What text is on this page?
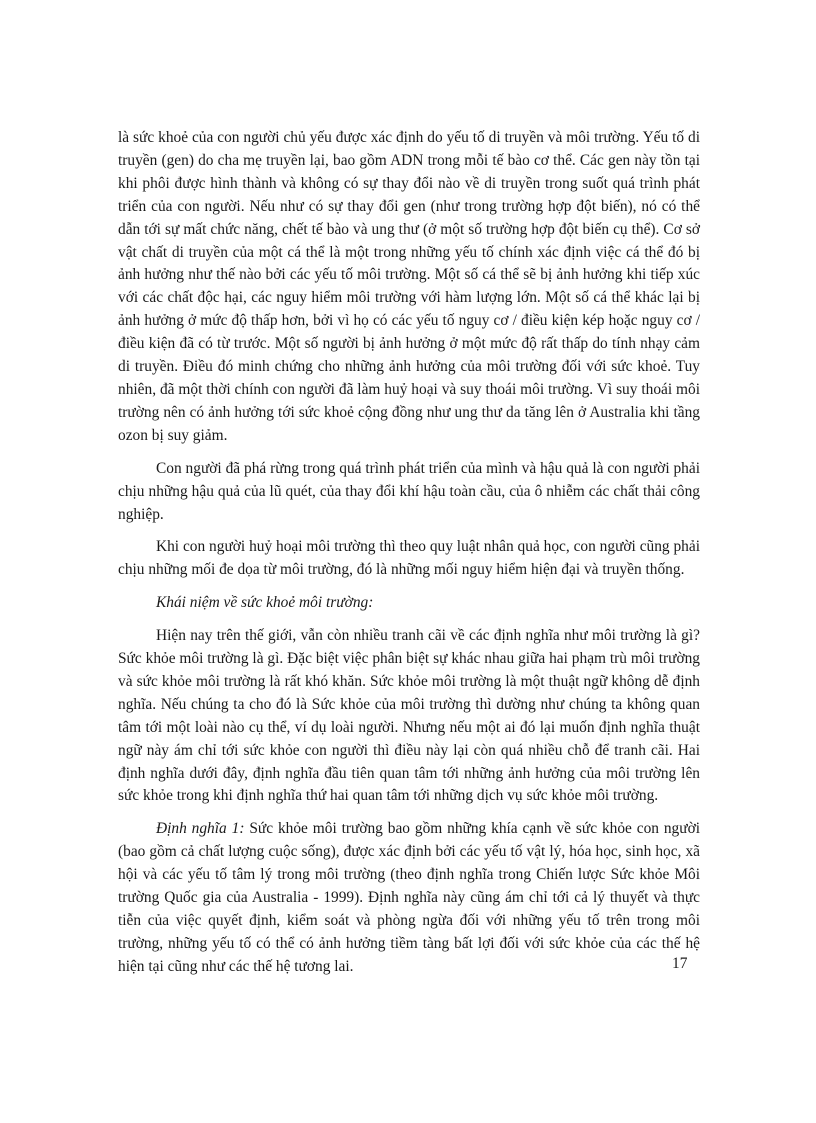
là sức khoẻ của con người chủ yếu được xác định do yếu tố di truyền và môi trường. Yếu tố di truyền (gen) do cha mẹ truyền lại, bao gồm ADN trong mỗi tế bào cơ thể. Các gen này tồn tại khi phôi được hình thành và không có sự thay đổi nào về di truyền trong suốt quá trình phát triển của con người. Nếu như có sự thay đổi gen (như trong trường hợp đột biến), nó có thể dẫn tới sự mất chức năng, chết tế bào và ung thư (ở một số trường hợp đột biến cụ thể). Cơ sở vật chất di truyền của một cá thể là một trong những yếu tố chính xác định việc cá thể đó bị ảnh hưởng như thế nào bởi các yếu tố môi trường. Một số cá thể sẽ bị ảnh hưởng khi tiếp xúc với các chất độc hại, các nguy hiểm môi trường với hàm lượng lớn. Một số cá thể khác lại bị ảnh hưởng ở mức độ thấp hơn, bởi vì họ có các yếu tố nguy cơ / điều kiện kép hoặc nguy cơ / điều kiện đã có từ trước. Một số người bị ảnh hưởng ở một mức độ rất thấp do tính nhạy cảm di truyền. Điều đó minh chứng cho những ảnh hưởng của môi trường đối với sức khoẻ. Tuy nhiên, đã một thời chính con người đã làm huỷ hoại và suy thoái môi trường. Vì suy thoái môi trường nên có ảnh hưởng tới sức khoẻ cộng đồng như ung thư da tăng lên ở Australia khi tầng ozon bị suy giảm.

Con người đã phá rừng trong quá trình phát triển của mình và hậu quả là con người phải chịu những hậu quả của lũ quét, của thay đổi khí hậu toàn cầu, của ô nhiễm các chất thải công nghiệp.

Khi con người huỷ hoại môi trường thì theo quy luật nhân quả học, con người cũng phải chịu những mối đe dọa từ môi trường, đó là những mối nguy hiểm hiện đại và truyền thống.

Khái niệm về sức khoẻ môi trường:

Hiện nay trên thế giới, vẫn còn nhiều tranh cãi về các định nghĩa như môi trường là gì? Sức khỏe môi trường là gì. Đặc biệt việc phân biệt sự khác nhau giữa hai phạm trù môi trường và sức khỏe môi trường là rất khó khăn. Sức khỏe môi trường là một thuật ngữ không dễ định nghĩa. Nếu chúng ta cho đó là Sức khỏe của môi trường thì dường như chúng ta không quan tâm tới một loài nào cụ thể, ví dụ loài người. Nhưng nếu một ai đó lại muốn định nghĩa thuật ngữ này ám chỉ tới sức khỏe con người thì điều này lại còn quá nhiều chỗ để tranh cãi. Hai định nghĩa dưới đây, định nghĩa đầu tiên quan tâm tới những ảnh hưởng của môi trường lên sức khỏe trong khi định nghĩa thứ hai quan tâm tới những dịch vụ sức khỏe môi trường.

Định nghĩa 1: Sức khỏe môi trường bao gồm những khía cạnh về sức khỏe con người (bao gồm cả chất lượng cuộc sống), được xác định bởi các yếu tố vật lý, hóa học, sinh học, xã hội và các yếu tố tâm lý trong môi trường (theo định nghĩa trong Chiến lược Sức khỏe Môi trường Quốc gia của Australia - 1999). Định nghĩa này cũng ám chỉ tới cả lý thuyết và thực tiễn của việc quyết định, kiểm soát và phòng ngừa đối với những yếu tố trên trong môi trường, những yếu tố có thể có ảnh hưởng tiềm tàng bất lợi đối với sức khỏe của các thế hệ hiện tại cũng như các thế hệ tương lai.	17
